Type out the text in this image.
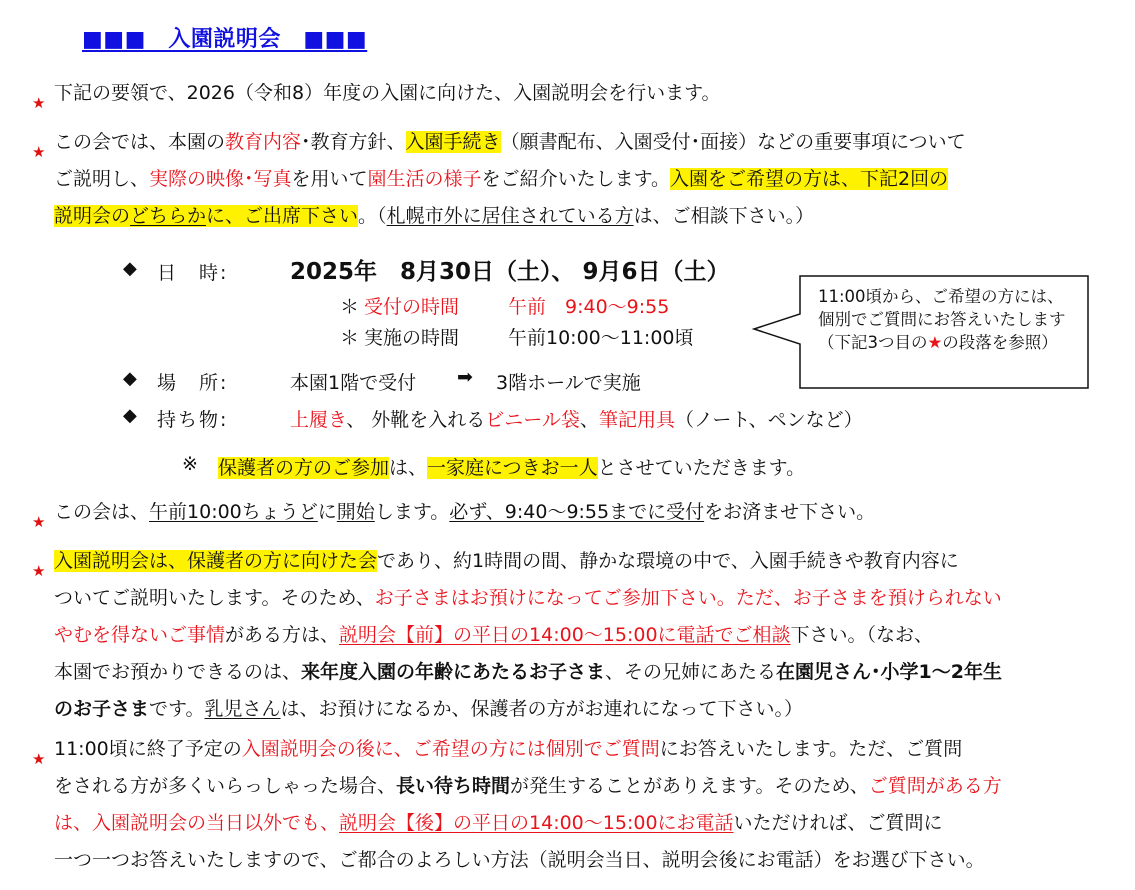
■■■　入園説明会　■■■
★ 下記の要領で、2026（令和8）年度の入園に向けた、入園説明会を行います。
★ この会では、本園の教育内容･教育方針、入園手続き（願書配布、入園受付･面接）などの重要事項について
ご説明し、実際の映像･写真を用いて園生活の様子をご紹介いたします。入園をご希望の方は、下記2回の
説明会のどちらかに、ご出席下さい。（札幌市外に居住されている方は、ご相談下さい。）
◆ 日　時:	2025年　8月30日（土）、 9月6日（土）
＊ 受付の時間	午前　9:40〜9:55
＊ 実施の時間	午前10:00〜11:00頃
◆ 場　所:	本園1階で受付 ➡ 3階ホールで実施
◆ 持ち物:	上履き、 外靴を入れるビニール袋、筆記用具（ノート、ペンなど）
※ 保護者の方のご参加は、一家庭につきお一人とさせていただきます。
11:00頃から、ご希望の方には、個別でご質問にお答えいたします（下記3つ目の★の段落を参照）
★ この会は、午前10:00ちょうどに開始します。必ず、9:40〜9:55までに受付をお済ませ下さい。
★ 入園説明会は、保護者の方に向けた会であり、約1時間の間、静かな環境の中で、入園手続きや教育内容に
ついてご説明いたします。そのため、お子さまはお預けになってご参加下さい。ただ、お子さまを預けられない
やむを得ないご事情がある方は、説明会【前】の平日の14:00〜15:00に電話でご相談下さい。（なお、
本園でお預かりできるのは、来年度入園の年齢にあたるお子さま、その兄姉にあたる在園児さん･小学1〜2年生
のお子さまです。乳児さんは、お預けになるか、保護者の方がお連れになって下さい。）
★ 11:00頃に終了予定の入園説明会の後に、ご希望の方には個別でご質問にお答えいたします。ただ、ご質問
をされる方が多くいらっしゃった場合、長い待ち時間が発生することがありえます。そのため、ご質問がある方
は、入園説明会の当日以外でも、説明会【後】の平日の14:00〜15:00にお電話いただければ、ご質問に
一つ一つお答えいたしますので、ご都合のよろしい方法（説明会当日、説明会後にお電話）をお選び下さい。
